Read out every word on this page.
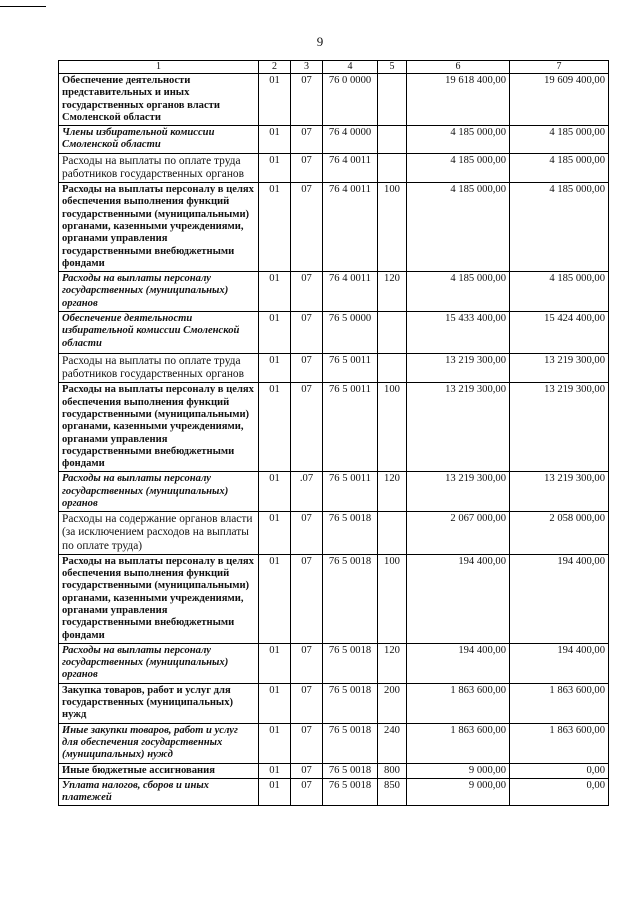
9
1	2	3	4	5	6	7
Обеспечение деятельности представительных и иных государственных органов власти Смоленской области	01	07	76 0 0000		19 618 400,00	19 609 400,00
Члены избирательной комиссии Смоленской области	01	07	76 4 0000		4 185 000,00	4 185 000,00
Расходы на выплаты по оплате труда работников государственных органов	01	07	76 4 0011		4 185 000,00	4 185 000,00
Расходы на выплаты персоналу в целях обеспечения выполнения функций государственными (муниципальными) органами, казенными учреждениями, органами управления государственными внебюджетными фондами	01	07	76 4 0011	100	4 185 000,00	4 185 000,00
Расходы на выплаты персоналу государственных (муниципальных) органов	01	07	76 4 0011	120	4 185 000,00	4 185 000,00
Обеспечение деятельности избирательной комиссии Смоленской области	01	07	76 5 0000		15 433 400,00	15 424 400,00
Расходы на выплаты по оплате труда работников государственных органов	01	07	76 5 0011		13 219 300,00	13 219 300,00
Расходы на выплаты персоналу в целях обеспечения выполнения функций государственными (муниципальными) органами, казенными учреждениями, органами управления государственными внебюджетными фондами	01	07	76 5 0011	100	13 219 300,00	13 219 300,00
Расходы на выплаты персоналу государственных (муниципальных) органов	01	.07	76 5 0011	120	13 219 300,00	13 219 300,00
Расходы на содержание органов власти (за исключением расходов на выплаты по оплате труда)	01	07	76 5 0018		2 067 000,00	2 058 000,00
Расходы на выплаты персоналу в целях обеспечения выполнения функций государственными (муниципальными) органами, казенными учреждениями, органами управления государственными внебюджетными фондами	01	07	76 5 0018	100	194 400,00	194 400,00
Расходы на выплаты персоналу государственных (муниципальных) органов	01	07	76 5 0018	120	194 400,00	194 400,00
Закупка товаров, работ и услуг для государственных (муниципальных) нужд	01	07	76 5 0018	200	1 863 600,00	1 863 600,00
Иные закупки товаров, работ и услуг для обеспечения государственных (муниципальных) нужд	01	07	76 5 0018	240	1 863 600,00	1 863 600,00
Иные бюджетные ассигнования	01	07	76 5 0018	800	9 000,00	0,00
Уплата налогов, сборов и иных платежей	01	07	76 5 0018	850	9 000,00	0,00
